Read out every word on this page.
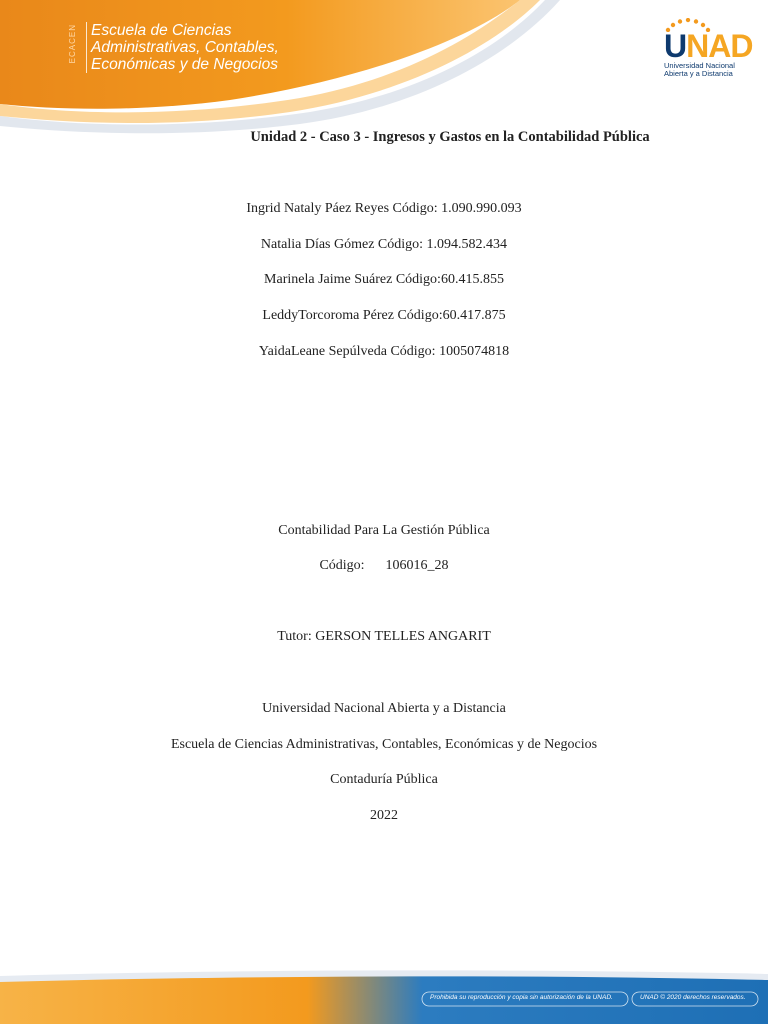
ECACEN Escuela de Ciencias
Administrativas, Contables,
Económicas y de Negocios
UNAD
Universidad Nacional
Abierta y a Distancia
Unidad 2 - Caso 3 - Ingresos y Gastos en la Contabilidad Pública
Ingrid Nataly Páez Reyes Código: 1.090.990.093
Natalia Días Gómez Código: 1.094.582.434
Marinela Jaime Suárez Código:60.415.855
LeddyTorcoroma Pérez Código:60.417.875
YaidaLeane Sepúlveda Código: 1005074818
Contabilidad Para La Gestión Pública
Código:      106016_28
Tutor: GERSON TELLES ANGARIT
Universidad Nacional Abierta y a Distancia
Escuela de Ciencias Administrativas, Contables, Económicas y de Negocios
Contaduría Pública
2022
Prohibida su reproducción y copia sin autorización de la UNAD.	UNAD © 2020 derechos reservados.
